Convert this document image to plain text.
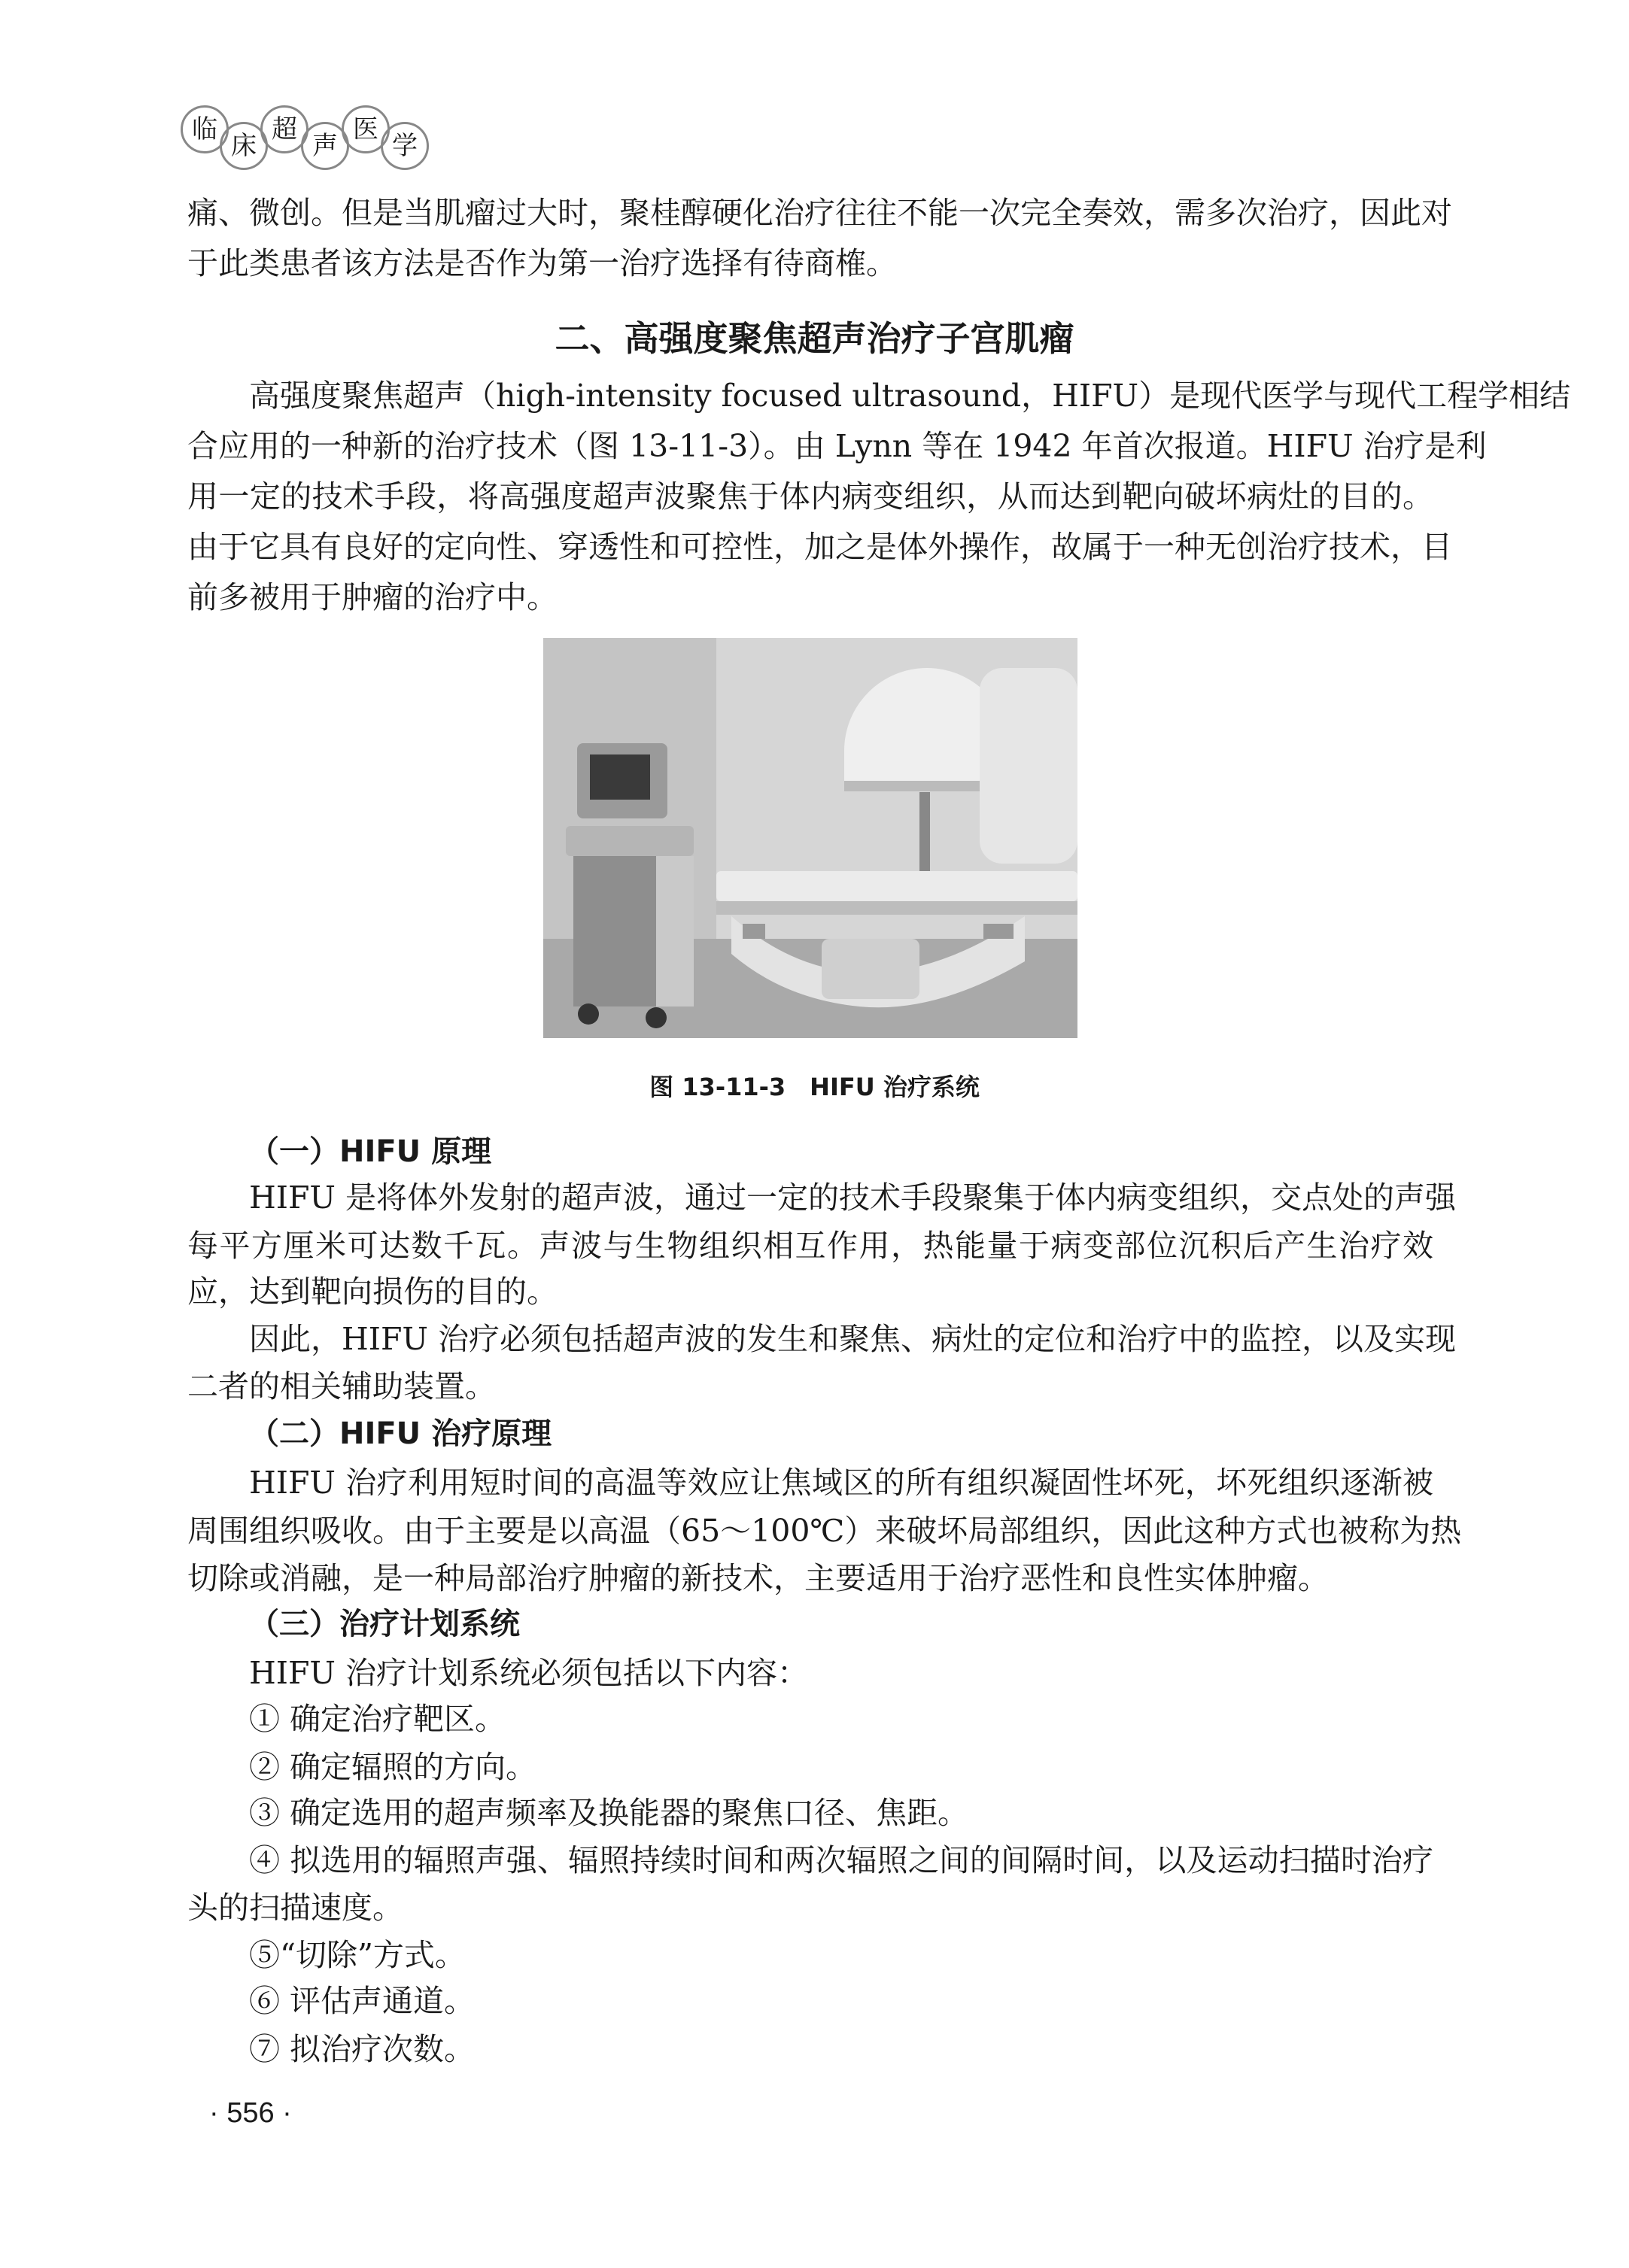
临
床
超
声
医
学
痛、微创。但是当肌瘤过大时，聚桂醇硬化治疗往往不能一次完全奏效，需多次治疗，因此对
于此类患者该方法是否作为第一治疗选择有待商榷。
二、高强度聚焦超声治疗子宫肌瘤
高强度聚焦超声（high-intensity focused ultrasound，HIFU）是现代医学与现代工程学相结
合应用的一种新的治疗技术（图 13-11-3）。由 Lynn 等在 1942 年首次报道。HIFU 治疗是利
用一定的技术手段，将高强度超声波聚焦于体内病变组织，从而达到靶向破坏病灶的目的。
由于它具有良好的定向性、穿透性和可控性，加之是体外操作，故属于一种无创治疗技术，目
前多被用于肿瘤的治疗中。
图 13-11-3　HIFU 治疗系统
（一）HIFU 原理
HIFU 是将体外发射的超声波，通过一定的技术手段聚集于体内病变组织，交点处的声强
每平方厘米可达数千瓦。声波与生物组织相互作用，热能量于病变部位沉积后产生治疗效
应，达到靶向损伤的目的。
因此，HIFU 治疗必须包括超声波的发生和聚焦、病灶的定位和治疗中的监控，以及实现
二者的相关辅助装置。
（二）HIFU 治疗原理
HIFU 治疗利用短时间的高温等效应让焦域区的所有组织凝固性坏死，坏死组织逐渐被
周围组织吸收。由于主要是以高温（65～100℃）来破坏局部组织，因此这种方式也被称为热
切除或消融，是一种局部治疗肿瘤的新技术，主要适用于治疗恶性和良性实体肿瘤。
（三）治疗计划系统
HIFU 治疗计划系统必须包括以下内容：
① 确定治疗靶区。
② 确定辐照的方向。
③ 确定选用的超声频率及换能器的聚焦口径、焦距。
④ 拟选用的辐照声强、辐照持续时间和两次辐照之间的间隔时间，以及运动扫描时治疗
头的扫描速度。
⑤“切除”方式。
⑥ 评估声通道。
⑦ 拟治疗次数。
· 556 ·
